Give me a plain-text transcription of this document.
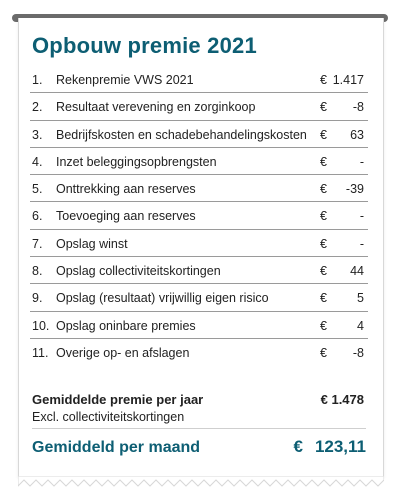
Opbouw premie 2021
1. Rekenpremie VWS 2021	€ 1.417
2. Resultaat verevening en zorginkoop	€ -8
3. Bedrijfskosten en schadebehandelingskosten € 63
4. Inzet beleggingsopbrengsten	€	-
5. Onttrekking aan reserves	€ -39
6. Toevoeging aan reserves	€	-
7. Opslag winst	€	-
8. Opslag collectiviteitskortingen	€ 44
9. Opslag (resultaat) vrijwillig eigen risico	€ 5
10. Opslag oninbare premies	€ 4
11. Overige op- en afslagen	€ -8
Gemiddelde premie per jaar	€ 1.478
Excl. collectiviteitskortingen
Gemiddeld per maand	€ 123,11
